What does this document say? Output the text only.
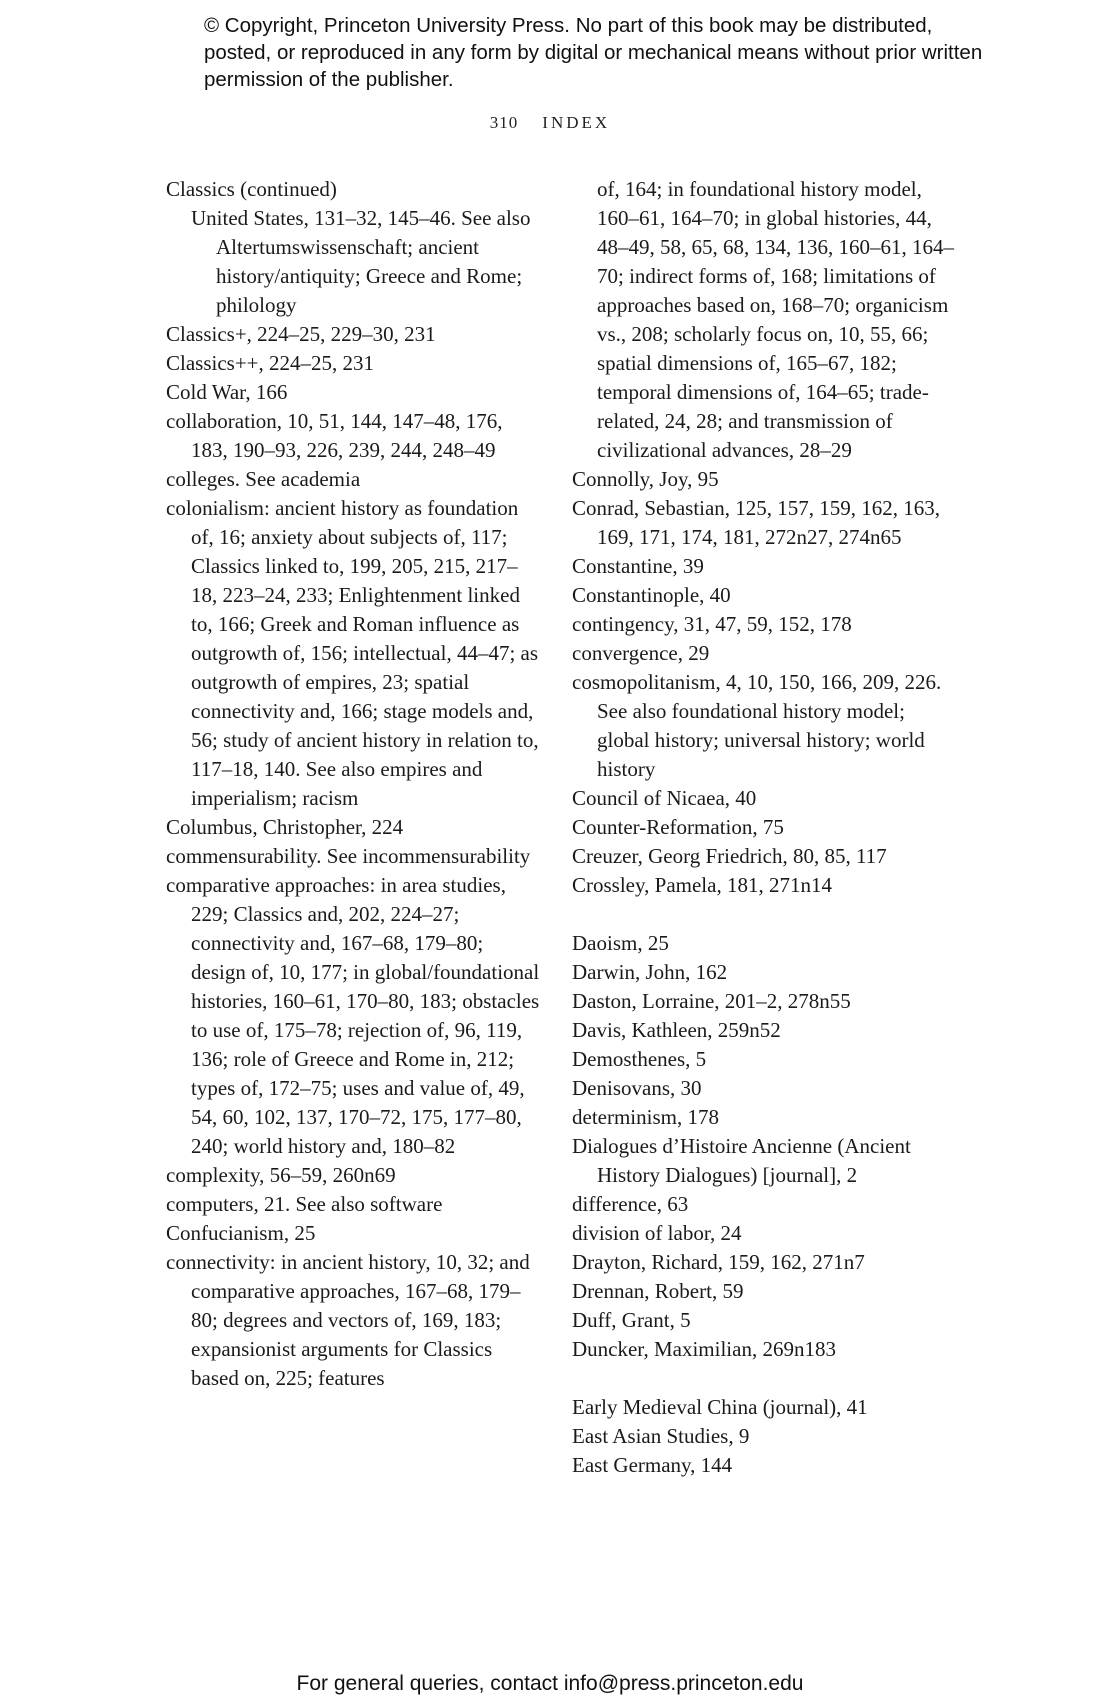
© Copyright, Princeton University Press. No part of this book may be distributed, posted, or reproduced in any form by digital or mechanical means without prior written permission of the publisher.
310 INDEX

Classics (continued)

United States, 131–32, 145–46. See also Altertumswissenschaft; ancient history/antiquity; Greece and Rome; philology

Classics+, 224–25, 229–30, 231

Classics++, 224–25, 231

Cold War, 166

collaboration, 10, 51, 144, 147–48, 176, 183, 190–93, 226, 239, 244, 248–49

colleges. See academia

colonialism: ancient history as foundation of, 16; anxiety about subjects of, 117; Classics linked to, 199, 205, 215, 217–18, 223–24, 233; Enlightenment linked to, 166; Greek and Roman influence as outgrowth of, 156; intellectual, 44–47; as outgrowth of empires, 23; spatial connectivity and, 166; stage models and, 56; study of ancient history in relation to, 117–18, 140. See also empires and imperialism; racism

Columbus, Christopher, 224

commensurability. See incommensurability

comparative approaches: in area studies, 229; Classics and, 202, 224–27; connectivity and, 167–68, 179–80; design of, 10, 177; in global/foundational histories, 160–61, 170–80, 183; obstacles to use of, 175–78; rejection of, 96, 119, 136; role of Greece and Rome in, 212; types of, 172–75; uses and value of, 49, 54, 60, 102, 137, 170–72, 175, 177–80, 240; world history and, 180–82

complexity, 56–59, 260n69

computers, 21. See also software

Confucianism, 25

connectivity: in ancient history, 10, 32; and comparative approaches, 167–68, 179–80; degrees and vectors of, 169, 183; expansionist arguments for Classics based on, 225; features

of, 164; in foundational history model, 160–61, 164–70; in global histories, 44, 48–49, 58, 65, 68, 134, 136, 160–61, 164–70; indirect forms of, 168; limitations of approaches based on, 168–70; organicism vs., 208; scholarly focus on, 10, 55, 66; spatial dimensions of, 165–67, 182; temporal dimensions of, 164–65; trade-related, 24, 28; and transmission of civilizational advances, 28–29

Connolly, Joy, 95

Conrad, Sebastian, 125, 157, 159, 162, 163, 169, 171, 174, 181, 272n27, 274n65

Constantine, 39

Constantinople, 40

contingency, 31, 47, 59, 152, 178

convergence, 29

cosmopolitanism, 4, 10, 150, 166, 209, 226. See also foundational history model; global history; universal history; world history

Council of Nicaea, 40

Counter-Reformation, 75

Creuzer, Georg Friedrich, 80, 85, 117

Crossley, Pamela, 181, 271n14

Daoism, 25

Darwin, John, 162

Daston, Lorraine, 201–2, 278n55

Davis, Kathleen, 259n52

Demosthenes, 5

Denisovans, 30

determinism, 178

Dialogues d’Histoire Ancienne (Ancient History Dialogues) [journal], 2

difference, 63

division of labor, 24

Drayton, Richard, 159, 162, 271n7

Drennan, Robert, 59

Duff, Grant, 5

Duncker, Maximilian, 269n183

Early Medieval China (journal), 41

East Asian Studies, 9

East Germany, 144

For general queries, contact info@press.princeton.edu
